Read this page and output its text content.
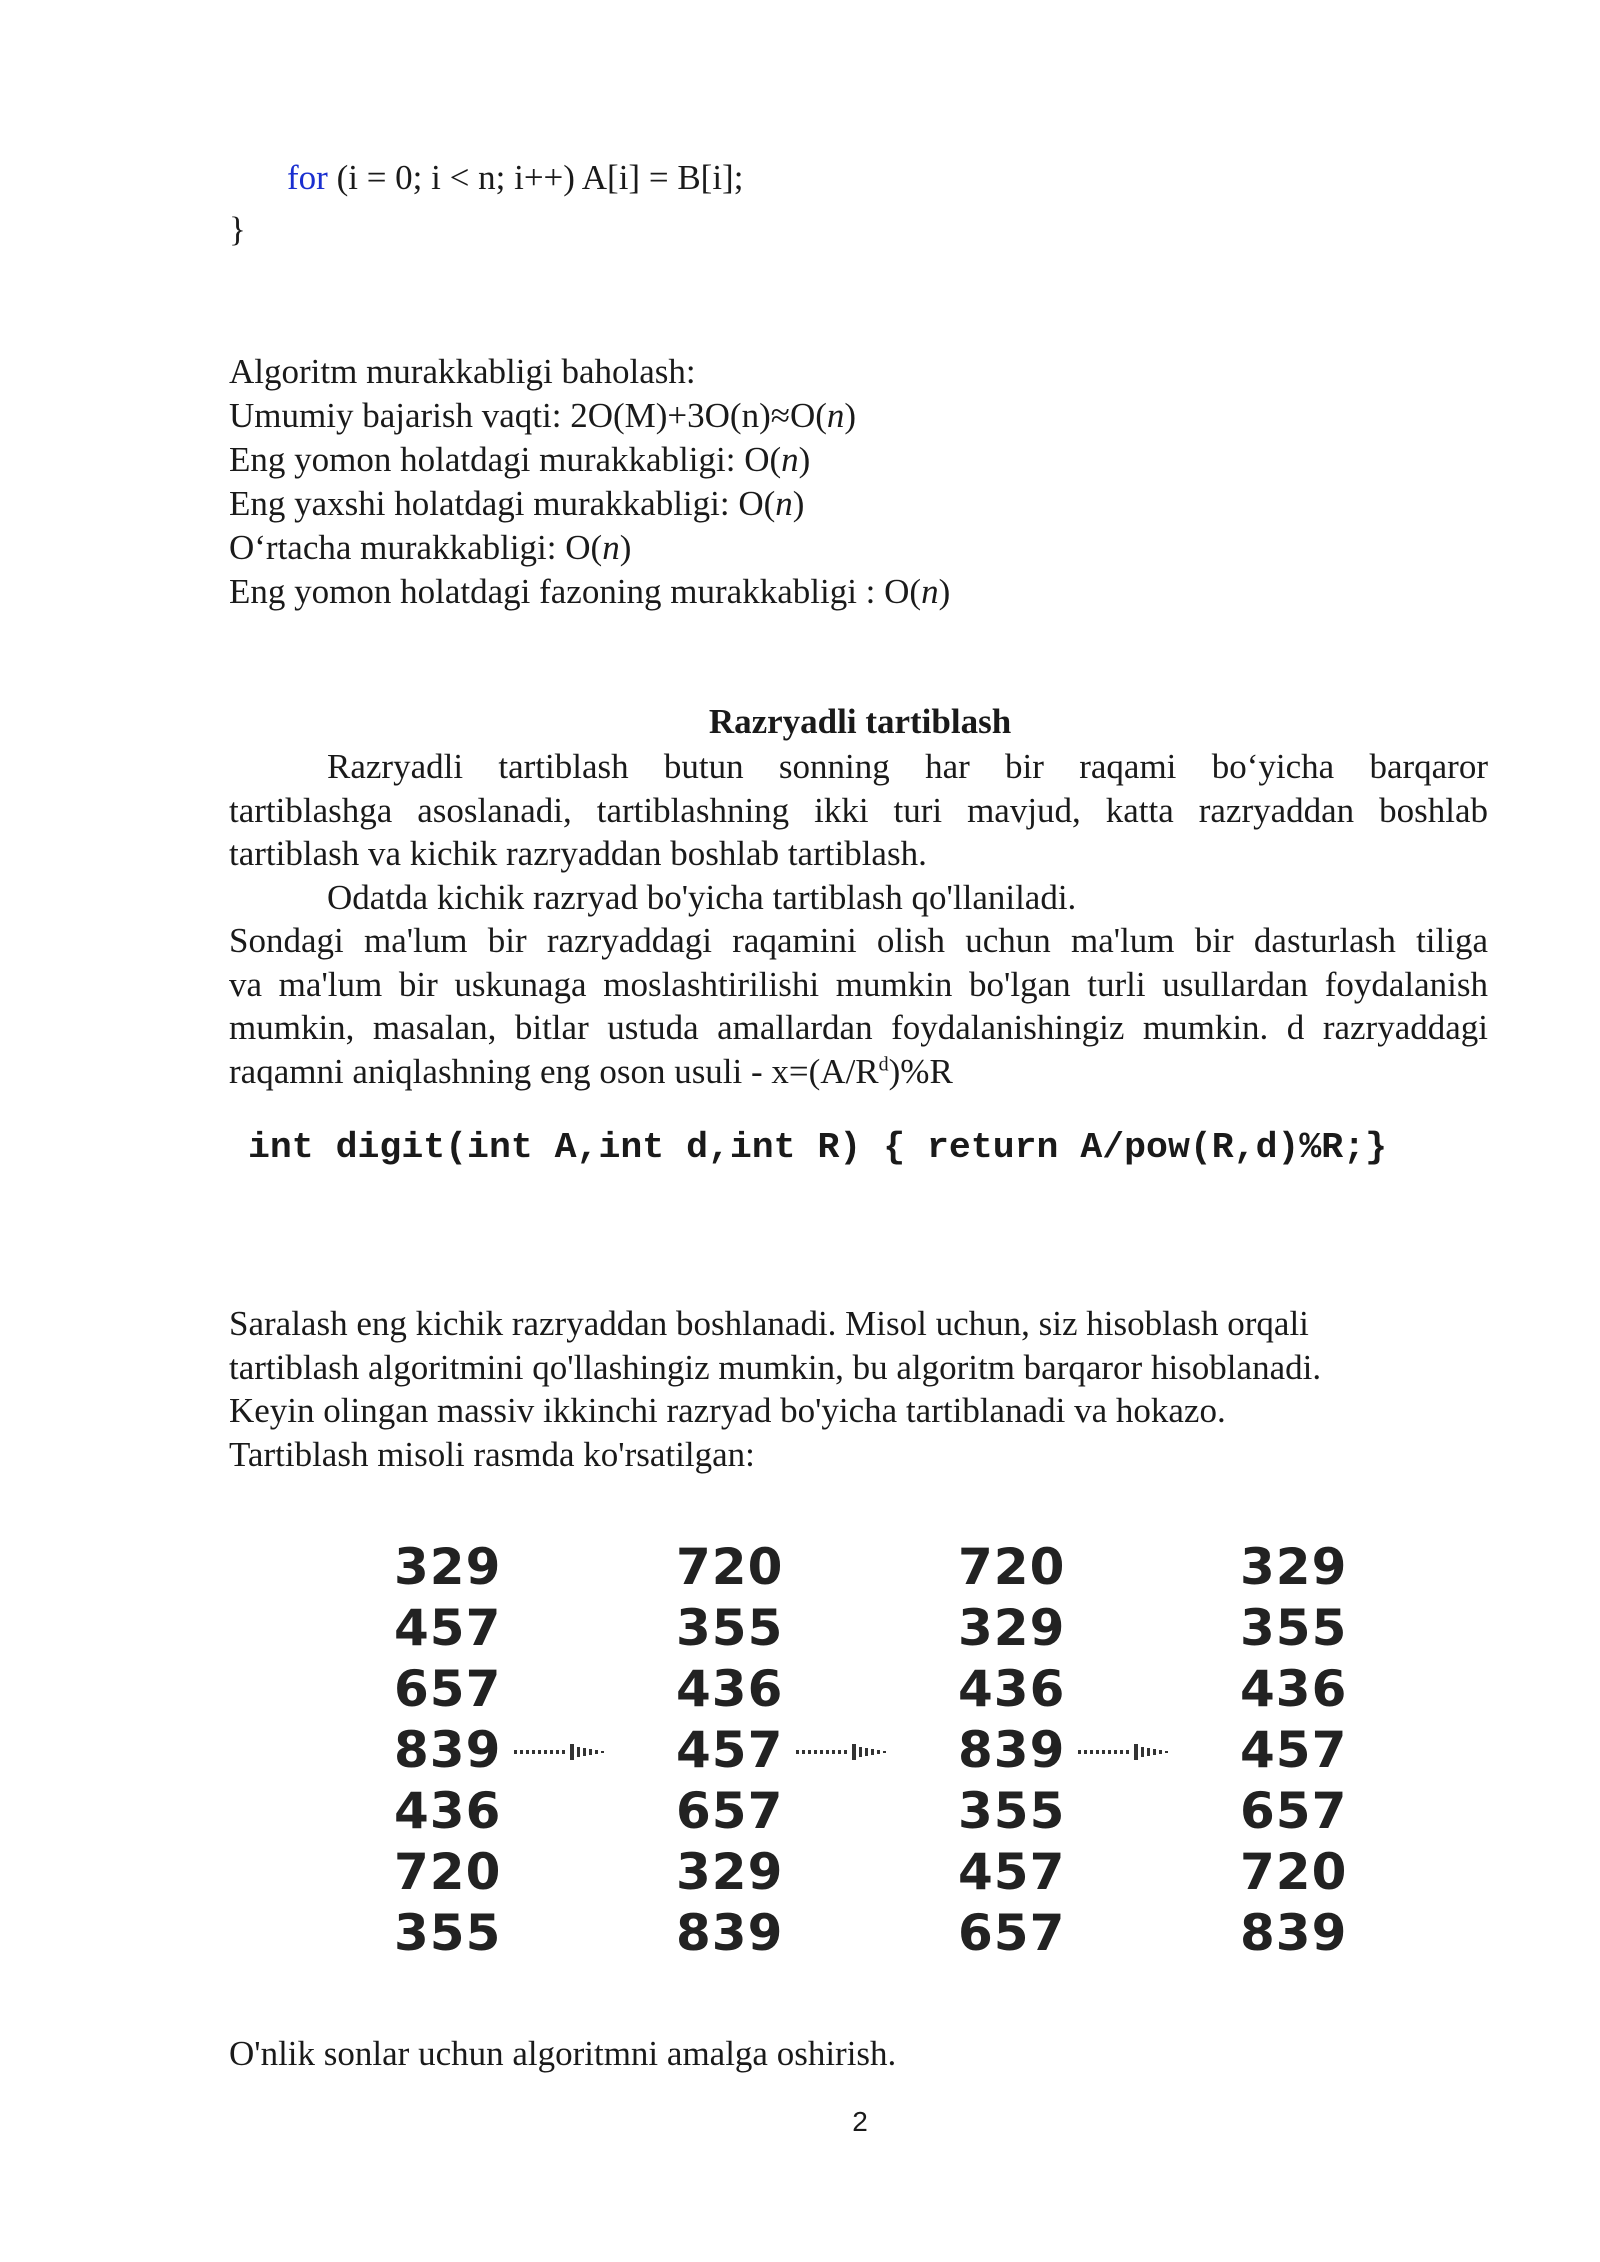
for (i = 0; i < n; i++) A[i] = B[i];
}
Algoritm murakkabligi baholash:
Umumiy bajarish vaqti: 2O(M)+3O(n)≈O(n)
Eng yomon holatdagi murakkabligi: O(n)
Eng yaxshi holatdagi murakkabligi: O(n)
O‘rtacha murakkabligi: O(n)
Eng yomon holatdagi fazoning murakkabligi : O(n)
Razryadli tartiblash
Razryadli tartiblash butun sonning har bir raqami bo‘yicha barqaror
tartiblashga asoslanadi, tartiblashning ikki turi mavjud, katta razryaddan boshlab
tartiblash va kichik razryaddan boshlab tartiblash.
Odatda kichik razryad bo'yicha tartiblash qo'llaniladi.
Sondagi ma'lum bir razryaddagi raqamini olish uchun ma'lum bir dasturlash tiliga
va ma'lum bir uskunaga moslashtirilishi mumkin bo'lgan turli usullardan foydalanish
mumkin, masalan, bitlar ustuda amallardan foydalanishingiz mumkin. d razryaddagi
raqamni aniqlashning eng oson usuli - $x=(A/R^d)\%R$
int digit(int A,int d,int R) { return A/pow(R,d)%R;}
Saralash eng kichik razryaddan boshlanadi. Misol uchun, siz hisoblash orqali
tartiblash algoritmini qo'llashingiz mumkin, bu algoritm barqaror hisoblanadi.
Keyin olingan massiv ikkinchi razryad bo'yicha tartiblanadi va hokazo.
Tartiblash misoli rasmda ko'rsatilgan:
329
457
657
839
436
720
355
720
355
436
457
657
329
839
720
329
436
839
355
457
657
329
355
436
457
657
720
839
O'nlik sonlar uchun algoritmni amalga oshirish.
2
